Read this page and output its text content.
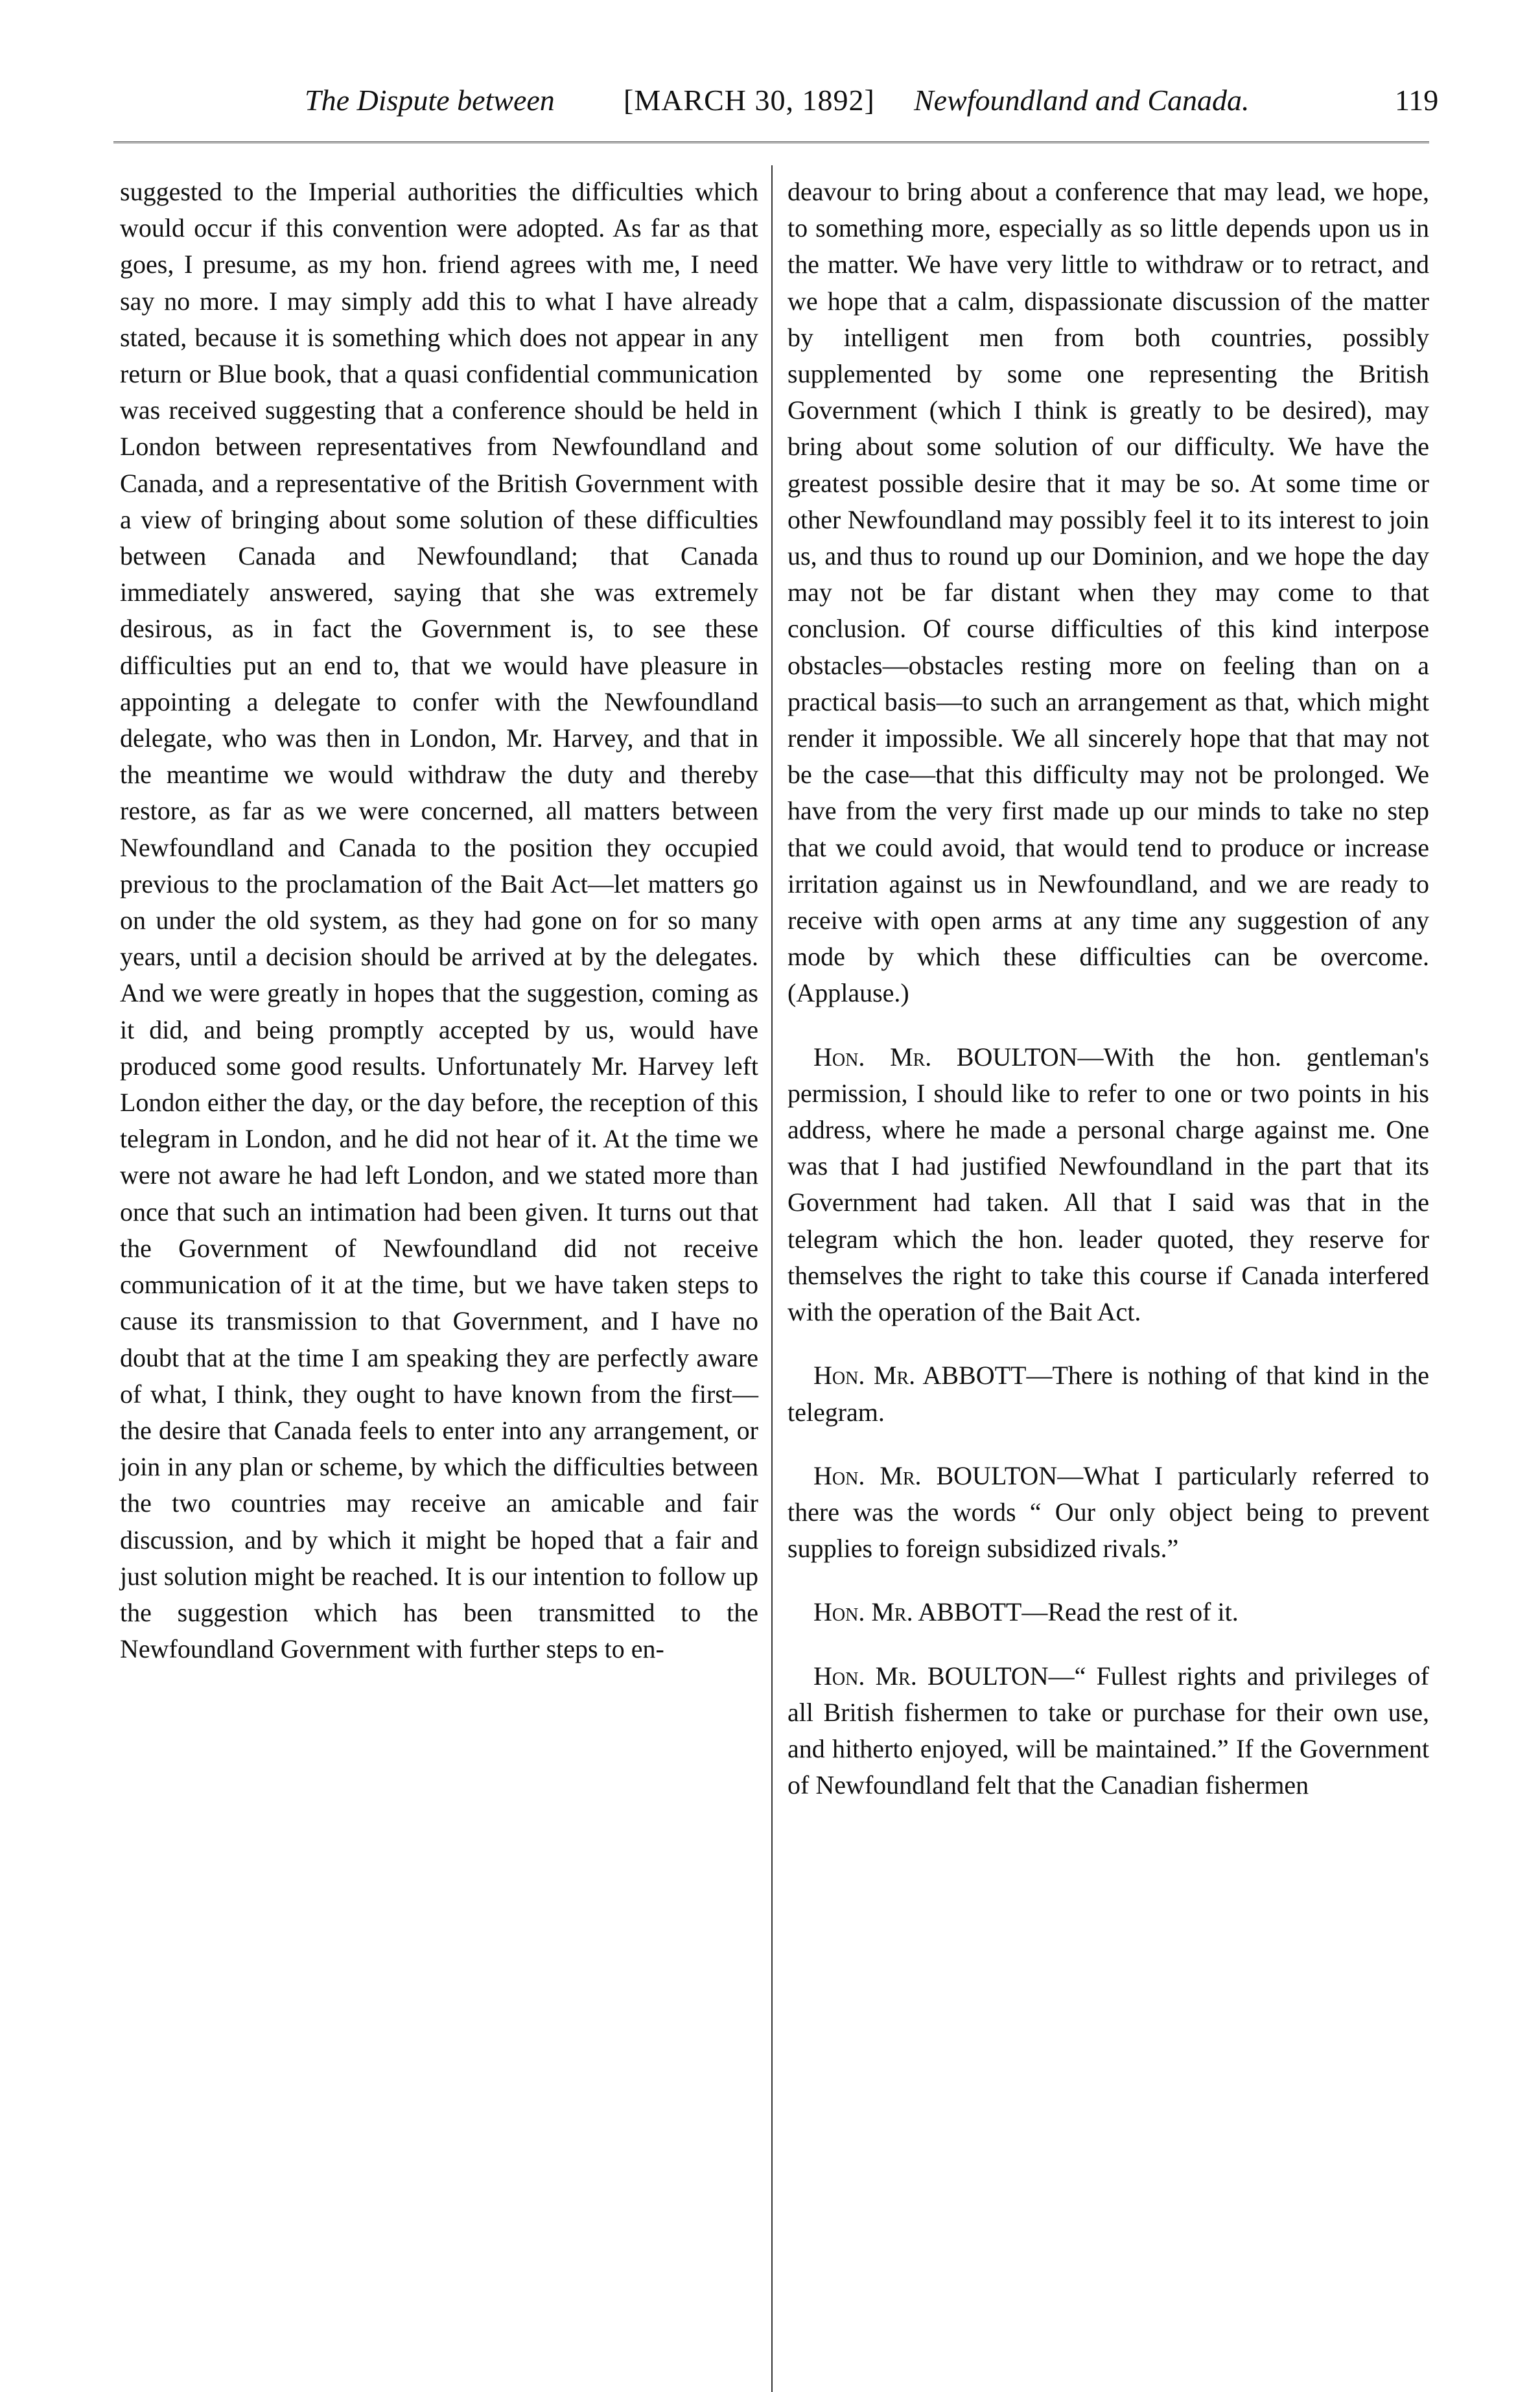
The Dispute between [MARCH 30, 1892] Newfoundland and Canada.	119

suggested to the Imperial authorities the difficulties which would occur if this convention were adopted. As far as that goes, I presume, as my hon. friend agrees with me, I need say no more. I may simply add this to what I have already stated, because it is something which does not appear in any return or Blue book, that a quasi confidential communication was received suggesting that a conference should be held in London between representatives from Newfoundland and Canada, and a representative of the British Government with a view of bringing about some solution of these difficulties between Canada and Newfoundland; that Canada immediately answered, saying that she was extremely desirous, as in fact the Government is, to see these difficulties put an end to, that we would have pleasure in appointing a delegate to confer with the Newfoundland delegate, who was then in London, Mr. Harvey, and that in the meantime we would withdraw the duty and thereby restore, as far as we were concerned, all matters between Newfoundland and Canada to the position they occupied previous to the proclamation of the Bait Act—let matters go on under the old system, as they had gone on for so many years, until a decision should be arrived at by the delegates. And we were greatly in hopes that the suggestion, coming as it did, and being promptly accepted by us, would have produced some good results. Unfortunately Mr. Harvey left London either the day, or the day before, the reception of this telegram in London, and he did not hear of it. At the time we were not aware he had left London, and we stated more than once that such an intimation had been given. It turns out that the Government of Newfoundland did not receive communication of it at the time, but we have taken steps to cause its transmission to that Government, and I have no doubt that at the time I am speaking they are perfectly aware of what, I think, they ought to have known from the first—the desire that Canada feels to enter into any arrangement, or join in any plan or scheme, by which the difficulties between the two countries may receive an amicable and fair discussion, and by which it might be hoped that a fair and just solution might be reached. It is our intention to follow up the suggestion which has been transmitted to the Newfoundland Government with further steps to en-

deavour to bring about a conference that may lead, we hope, to something more, especially as so little depends upon us in the matter. We have very little to withdraw or to retract, and we hope that a calm, dispassionate discussion of the matter by intelligent men from both countries, possibly supplemented by some one representing the British Government (which I think is greatly to be desired), may bring about some solution of our difficulty. We have the greatest possible desire that it may be so. At some time or other Newfoundland may possibly feel it to its interest to join us, and thus to round up our Dominion, and we hope the day may not be far distant when they may come to that conclusion. Of course difficulties of this kind interpose obstacles—obstacles resting more on feeling than on a practical basis—to such an arrangement as that, which might render it impossible. We all sincerely hope that that may not be the case—that this difficulty may not be prolonged. We have from the very first made up our minds to take no step that we could avoid, that would tend to produce or increase irritation against us in Newfoundland, and we are ready to receive with open arms at any time any suggestion of any mode by which these difficulties can be overcome. (Applause.)

Hon. Mr. BOULTON—With the hon. gentleman's permission, I should like to refer to one or two points in his address, where he made a personal charge against me. One was that I had justified Newfoundland in the part that its Government had taken. All that I said was that in the telegram which the hon. leader quoted, they reserve for themselves the right to take this course if Canada interfered with the operation of the Bait Act.

Hon. Mr. ABBOTT—There is nothing of that kind in the telegram.

Hon. Mr. BOULTON—What I particularly referred to there was the words “ Our only object being to prevent supplies to foreign subsidized rivals.”

Hon. Mr. ABBOTT—Read the rest of it.

Hon. Mr. BOULTON—“ Fullest rights and privileges of all British fishermen to take or purchase for their own use, and hitherto enjoyed, will be maintained.” If the Government of Newfoundland felt that the Canadian fishermen
